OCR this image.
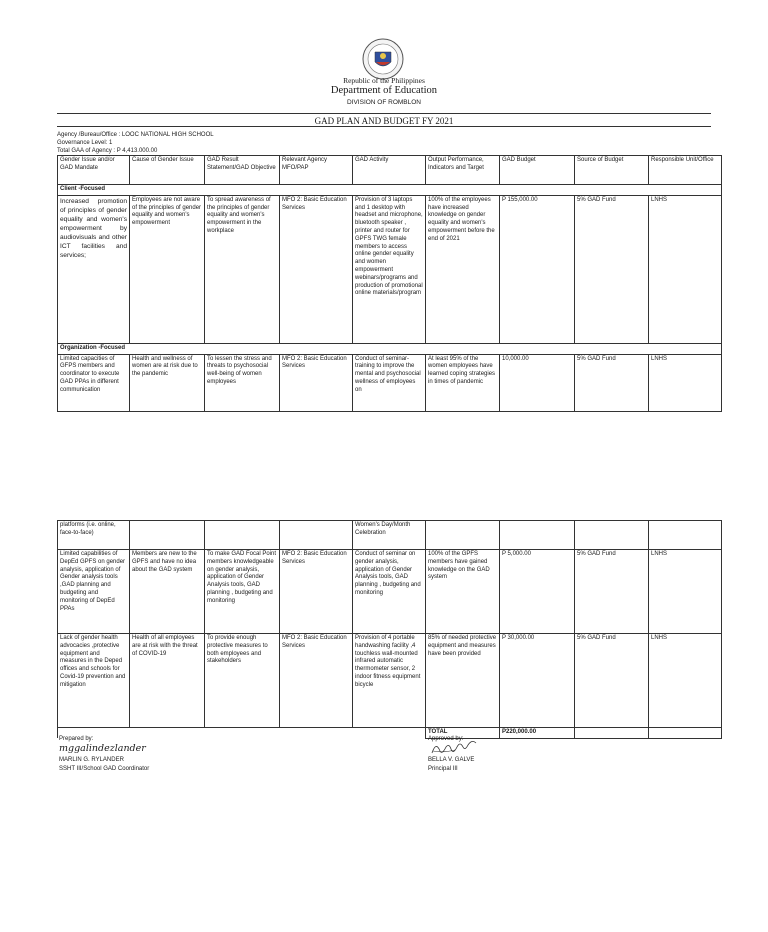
Republic of the Philippines
Department of Education
DIVISION OF ROMBLON
GAD PLAN AND BUDGET FY 2021
Agency /Bureau/Office : LOOC NATIONAL HIGH SCHOOL
Governance Level: 1
Total GAA of Agency : P 4,413.000.00
Gender Issue and/or GAD Mandate	Cause of Gender Issue	GAD Result Statement/GAD Objective	Relevant Agency MFO/PAP	GAD Activity	Output Performance, Indicators and Target	GAD Budget	Source of Budget	Responsible Unit/Office
Client -Focused								
Increased promotion of principles of gender equality and women's empowerment by audiovisuals and other ICT facilities and services;	Employees are not aware of the principles of gender equality and women's empowerment	To spread awareness of the principles of gender equality and women's empowerment in the workplace	MFO 2: Basic Education Services	Provision of 3 laptops and 1 desktop with headset and microphone, bluetooth speaker , printer and router for GPFS TWG female members to access online gender equality and women empowerment webinars/programs and production of promotional online materials/program	100% of the employees have increased knowledge on gender equality and women's empowerment before the end of 2021	P 155,000.00	5% GAD Fund	LNHS
Organization -Focused								
Limited capacities of GFPS members and coordinator to execute GAD PPAs in different communication	Health and wellness of women are at risk due to the pandemic	To lessen the stress and threats to psychosocial well-being of women employees	MFO 2: Basic Education Services	Conduct of seminar-training to improve the mental and psychosocial wellness of employees on	At least 95% of the women employees have learned coping strategies in times of pandemic	10,000.00	5% GAD Fund	LNHS
platforms (i.e. online, face-to-face)				Women's Day/Month Celebration				
Limited capabilities of DepEd GPFS on gender analysis, application of Gender analysis tools ,GAD planning and budgeting and monitoring of DepEd PPAs	Members are new to the GPFS and have no idea about the GAD system	To make GAD Focal Point members knowledgeable on gender analysis, application of Gender Analysis tools, GAD planning , budgeting and monitoring	MFO 2: Basic Education Services	Conduct of seminar on gender analysis, application of Gender Analysis tools, GAD planning , budgeting and monitoring	100% of the GPFS members have gained knowledge on the GAD system	P 5,000.00	5% GAD Fund	LNHS
Lack of gender health advocacies ,protective equipment and measures in the Deped offices and schools for Covid-19 prevention and mitigation	Health of all employees are at risk with the threat of COVID-19	To provide enough protective measures to both employees and stakeholders	MFO 2: Basic Education Services	Provision of 4 portable handwashing facility ,4 touchless wall-mounted infrared automatic thermometer sensor, 2 indoor fitness equipment bicycle	85% of needed protective equipment and measures have been provided	P 30,000.00	5% GAD Fund	LNHS
					TOTAL	P220,000.00		
Prepared by:
mggalindezlander
MARLIN G. RYLANDER
SSHT III/School GAD Coordinator
Approved by:
BELLA V. GALVE
Principal III
